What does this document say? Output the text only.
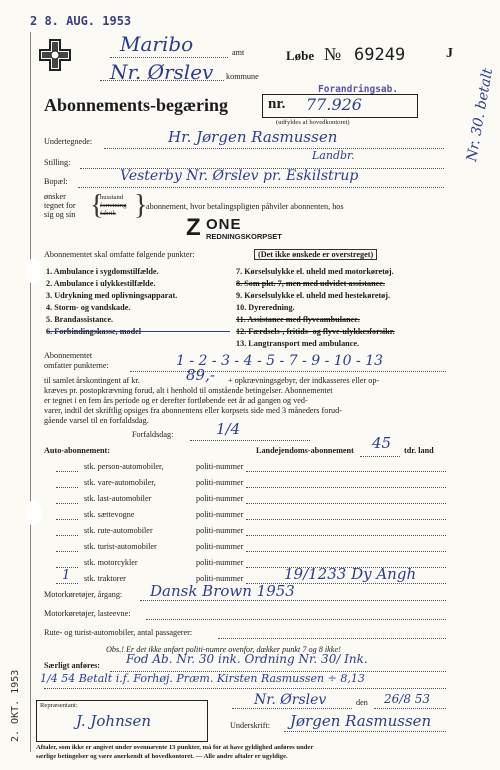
2 8. AUG. 1953
Maribo	amt
Nr. Ørslev kommune
Løbe № 69249	J
Forandringsab.
Abonnements-begæring	nr. 77.926
(udfyldes af hovedkontoret)	Nr. 30. betalt
Undertegnede:	Hr. Jørgen Rasmussen
Stilling:
Landbr.
Bopæl:	Vesterby Nr. Ørslev pr. Eskilstrup
ønsker
tegnet for
sig og sin {
husstand
forretning
fabrik }
abonnement, hvor betalingspligten påhviler abonnenten, hos
Z ONE
REDNINGSKORPSET
Abonnementet skal omfatte følgende punkter:	(Det ikke ønskede er overstreget)
1. Ambulance i sygdomstilfælde.
2. Ambulance i ulykkestilfælde.
3. Udrykning med oplivningsapparat.
4. Storm- og vandskade.
5. Brandassistance.
6. Forbindingskasse, model
7. Kørselsulykke el. uheld med motorkøretøj.
8. Som pkt. 7, men med udvidet assistance.
9. Kørselsulykke el. uheld med hestekøretøj.
10. Dyreredning.
11. Assistance med flyveambulance.
12. Færdsels-, fritids- og flyve-ulykkesforsikr.
13. Langtransport med ambulance.
Abonnementet
omfatter punkterne:	1 - 2 - 3 - 4 - 5 - 7 - 9 - 10 - 13
til samlet årskontingent af kr.	89,- + opkrævningsgebyr, der indkasseres eller op-
kræves pr. postopkrævning forud, alt i henhold til omstående betingelser. Abonnementet
er tegnet i en fem års periode og er derefter fortløbende eet år ad gangen og ved-
varer, indtil det skriftlig opsiges fra abonnentens eller korpsets side med 3 måneders forud-
gående varsel til en forfaldsdag.
Forfaldsdag:	1/4
Auto-abonnement:	Landejendoms-abonnement 45 tdr. land
stk. person-automobiler,	politi-nummer
stk. vare-automobiler,	politi-nummer
stk. last-automobiler	politi-nummer
stk. sættevogne	politi-nummer
stk. rute-automobiler	politi-nummer
stk. turist-automobiler	politi-nummer
stk. motorcykler	politi-nummer
1 stk. traktorer	politi-nummer	19/1233 Dy Angh
Motorkøretøjer, årgang: Dansk Brown 1953
Motorkøretøjer, lasteevne:
Rute- og turist-automobiler, antal passagerer:
Obs.! Er det ikke anført politi-numre ovenfor, dækker punkt 7 og 8 ikke!
Særligt anføres: Fod Ab. Nr. 30 ink. Ordning Nr. 30/ Ink.
1/4 54 Betalt i.f. Forhøj. Præm. Kirsten Rasmussen ÷ 8,13
Nr. Ørslev	den 26/8 53
Repræsentant:
J. Johnsen	Underskrift: Jørgen Rasmussen
2. OKT. 1953
Aftaler, som ikke er angivet under ovennævnte 13 punkter, må for at have gyldighed anføres under
særlige betingelser og være anerkendt af hovedkontoret. — Alle andre aftaler er ugyldige.
